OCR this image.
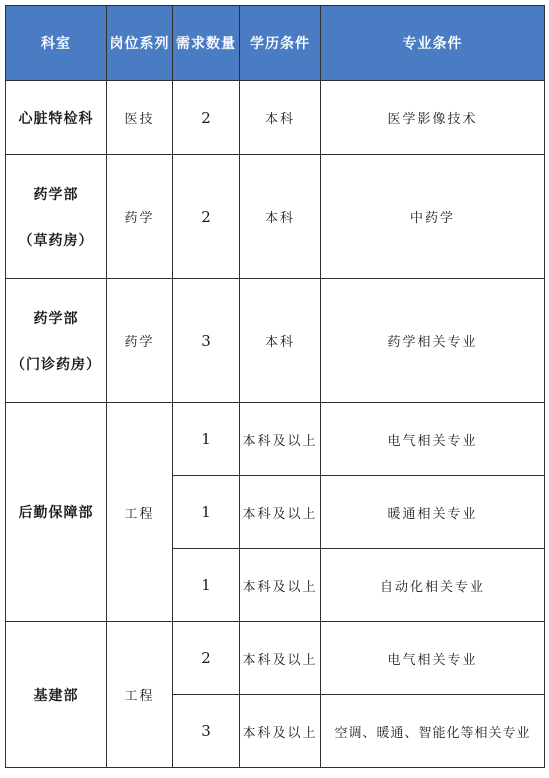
科室	岗位系列	需求数量	学历条件	专业条件

心脏特检科	医技	2	本科	医学影像技术

药学部
（草药房）	药学	2	本科	中药学

药学部
（门诊药房）	药学	3	本科	药学相关专业

后勤保障部	工程	1	本科及以上	电气相关专业
		1	本科及以上	暖通相关专业
		1	本科及以上	自动化相关专业

基建部	工程	2	本科及以上	电气相关专业
		3	本科及以上	空调、暖通、智能化等相关专业
